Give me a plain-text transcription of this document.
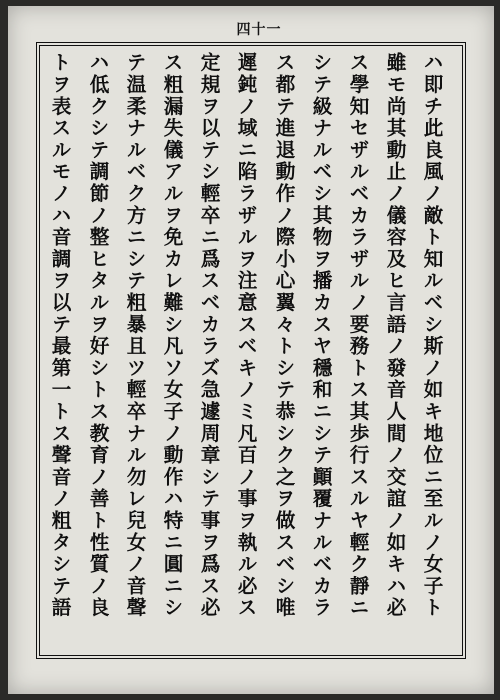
四十一
トヲ表スルモノハ音調ヲ以テ最第一トス聲音ノ粗タシテ語 ハ低クシテ調節ノ整ヒタルヲ好シトス教育ノ善ト性質ノ良 テ温柔ナルベク方ニシテ粗暴且ツ輕卒ナル勿レ兒女ノ音聲 ス粗漏失儀アルヲ免カレ難シ凡ソ女子ノ動作ハ特ニ圓ニシ 定規ヲ以テシ輕卒ニ爲スベカラズ急遽周章シテ事ヲ爲ス必 遲鈍ノ域ニ陷ラザルヲ注意スベキノミ凡百ノ事ヲ執ル必ス ス都テ進退動作ノ際小心翼々トシテ恭シク之ヲ做スベシ唯 シテ級ナルベシ其物ヲ播カスヤ穩和ニシテ顚覆ナルベカラ ス學知セザルベカラザルノ要務トス其歩行スルヤ輕ク靜ニ 雖モ尚其動止ノ儀容及ヒ言語ノ發音人間ノ交誼ノ如キハ必 ハ即チ此良風ノ敵ト知ルベシ斯ノ如キ地位ニ至ルノ女子ト
